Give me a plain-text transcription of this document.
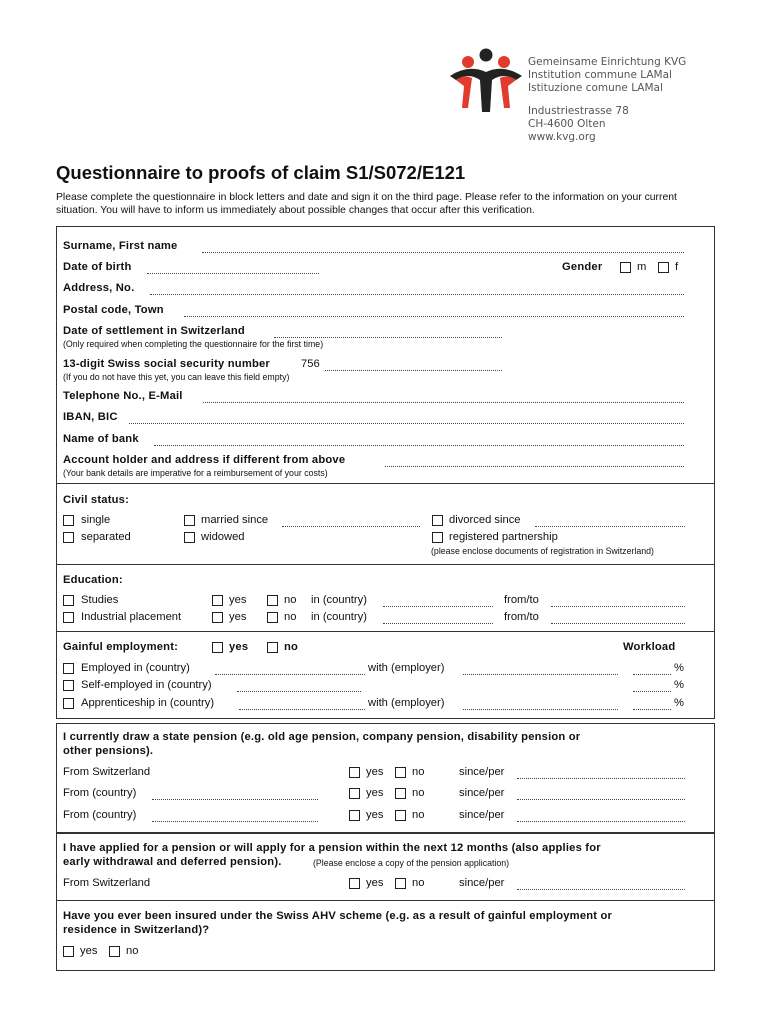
Gemeinsame Einrichtung KVG
Institution commune LAMal
Istituzione comune LAMal
Industriestrasse 78
CH-4600 Olten
www.kvg.org
Questionnaire to proofs of claim S1/S072/E121
Please complete the questionnaire in block letters and date and sign it on the third page. Please refer to the information on your current situation. You will have to inform us immediately about possible changes that occur after this verification.
Surname, First name
Date of birth	Gender	m	f
Address, No.
Postal code, Town
Date of settlement in Switzerland
(Only required when completing the questionnaire for the first time)
13-digit Swiss social security number	756
(If you do not have this yet, you can leave this field empty)
Telephone No., E-Mail
IBAN, BIC
Name of bank
Account holder and address if different from above
(Your bank details are imperative for a reimbursement of your costs)
Civil status:
single	married since	divorced since
separated	widowed	registered partnership
(please enclose documents of registration in Switzerland)
Education:
Studies	yes	no in (country)	from/to
Industrial placement	yes	no in (country)	from/to
Gainful employment:	yes	no	Workload
Employed in (country)	with (employer)	%
Self-employed in (country)	%
Apprenticeship in (country)	with (employer)	%
I currently draw a state pension (e.g. old age pension, company pension, disability pension or
other pensions).
From Switzerland	yes	no	since/per
From (country)	yes	no	since/per
From (country)	yes	no	since/per
I have applied for a pension or will apply for a pension within the next 12 months (also applies for
early withdrawal and deferred pension).	(Please enclose a copy of the pension application)
From Switzerland	yes	no	since/per
Have you ever been insured under the Swiss AHV scheme (e.g. as a result of gainful employment or
residence in Switzerland)?
yes	no
